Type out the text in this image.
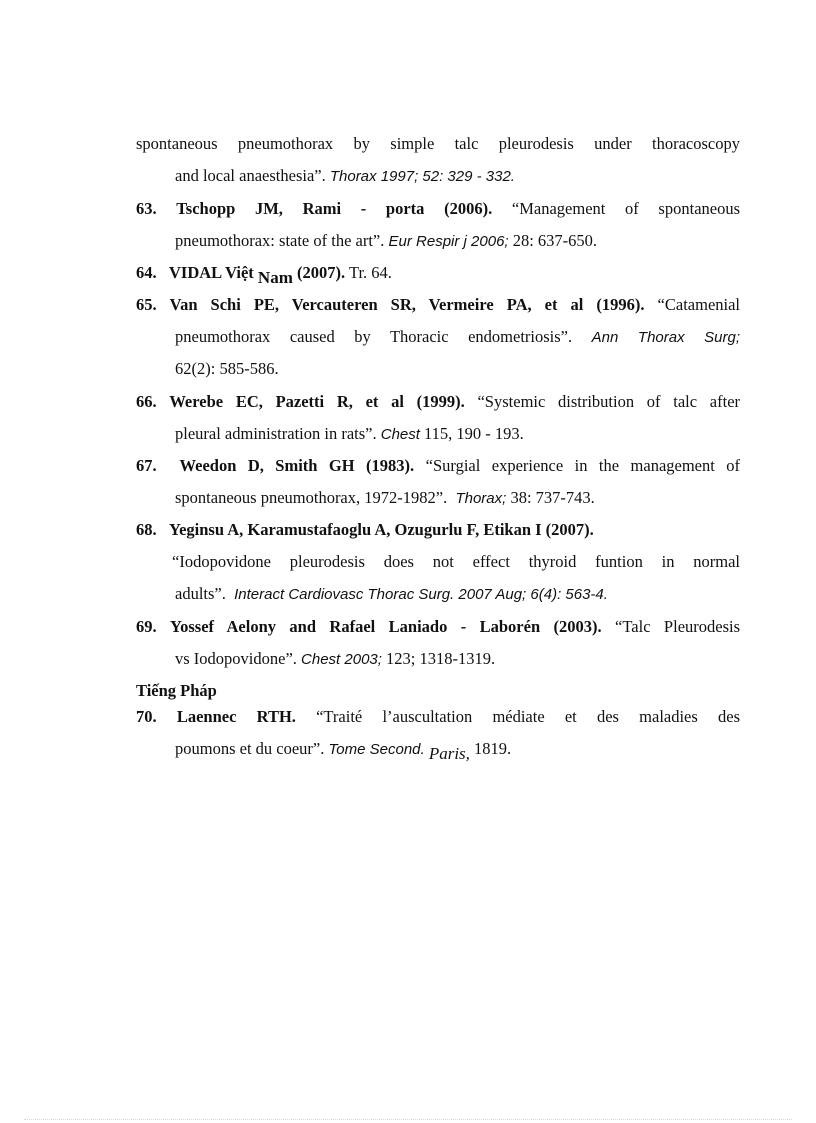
spontaneous pneumothorax by simple talc pleurodesis under thoracoscopy
and local anaesthesia”. Thorax 1997; 52: 329 - 332.
63. Tschopp JM, Rami - porta (2006). “Management of spontaneous
pneumothorax: state of the art”. Eur Respir j 2006; 28: 637-650.
64. VIDAL Việt Nam (2007). Tr. 64.
65. Van Schi PE, Vercauteren SR, Vermeire PA, et al (1996). “Catamenial
pneumothorax caused by Thoracic endometriosis”. Ann Thorax Surg;
62(2): 585-586.
66. Werebe EC, Pazetti R, et al (1999). “Systemic distribution of talc after
pleural administration in rats”. Chest 115, 190 - 193.
67. Weedon D, Smith GH (1983). “Surgial experience in the management of
spontaneous pneumothorax, 1972-1982”. Thorax; 38: 737-743.
68. Yeginsu A, Karamustafaoglu A, Ozugurlu F, Etikan I (2007).
“Iodopovidone pleurodesis does not effect thyroid funtion in normal
adults”. Interact Cardiovasc Thorac Surg. 2007 Aug; 6(4): 563-4.
69. Yossef Aelony and Rafael Laniado - Laborén (2003). “Talc Pleurodesis
vs Iodopovidone”. Chest 2003; 123; 1318-1319.
Tiếng Pháp
70. Laennec RTH. “Traité l’auscultation médiate et des maladies des
poumons et du coeur”. Tome Second. Paris, 1819.
